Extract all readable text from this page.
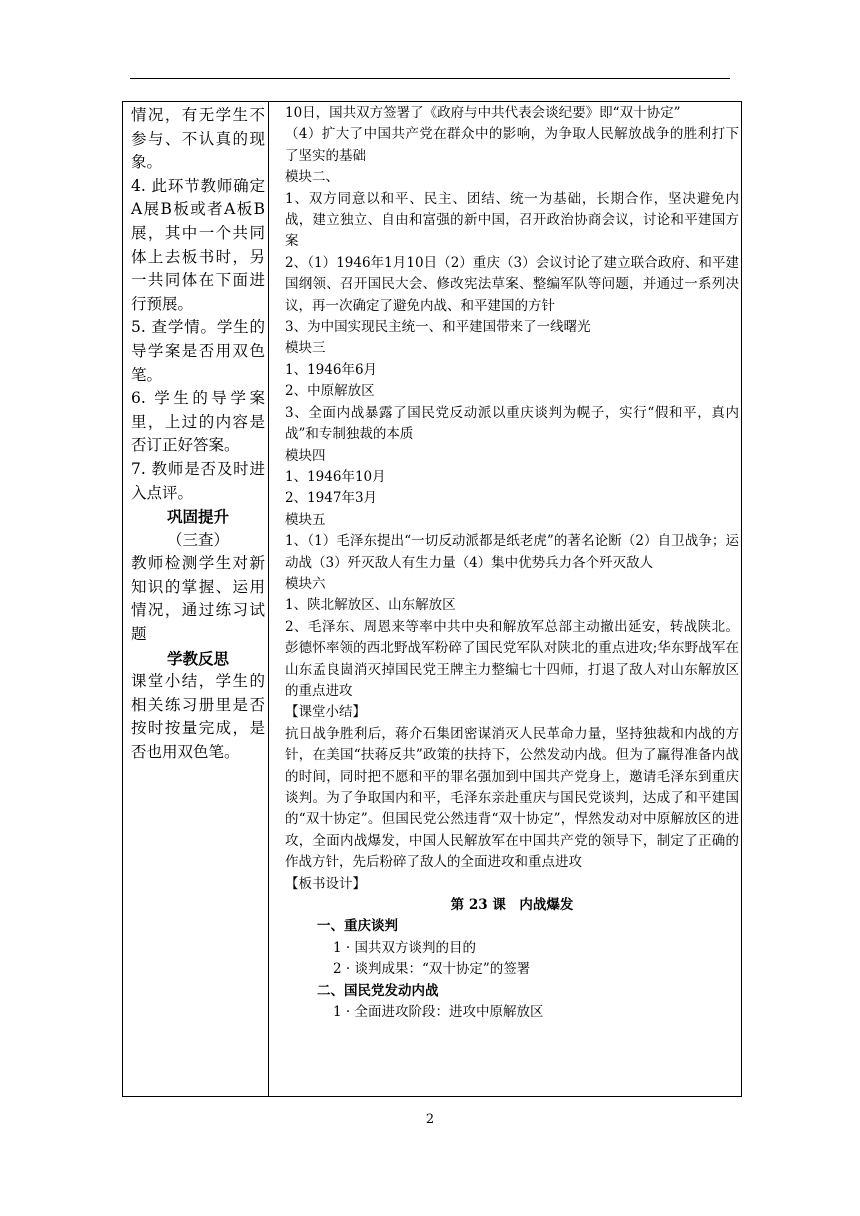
情况，有无学生不参与、不认真的现象。

4. 此环节教师确定A展B板或者A板B展，其中一个共同体上去板书时，另一共同体在下面进行预展。

5. 查学情。学生的导学案是否用双色笔。

6. 学生的导学案里，上过的内容是否订正好答案。

7. 教师是否及时进入点评。

巩固提升

（三查）

教师检测学生对新知识的掌握、运用情况，通过练习试题

学教反思

课堂小结，学生的相关练习册里是否按时按量完成，是否也用双色笔。

10日，国共双方签署了《政府与中共代表会谈纪要》即“双十协定”

（4）扩大了中国共产党在群众中的影响，为争取人民解放战争的胜利打下了坚实的基础

模块二、

1、双方同意以和平、民主、团结、统一为基础，长期合作，坚决避免内战，建立独立、自由和富强的新中国，召开政治协商会议，讨论和平建国方案

2、（1）1946年1月10日（2）重庆（3）会议讨论了建立联合政府、和平建国纲领、召开国民大会、修改宪法草案、整编军队等问题，并通过一系列决议，再一次确定了避免内战、和平建国的方针

3、为中国实现民主统一、和平建国带来了一线曙光

模块三

1、1946年6月

2、中原解放区

3、全面内战暴露了国民党反动派以重庆谈判为幌子，实行“假和平，真内战”和专制独裁的本质

模块四

1、1946年10月

2、1947年3月

模块五

1、（1）毛泽东提出“一切反动派都是纸老虎”的著名论断（2）自卫战争；运动战（3）歼灭敌人有生力量（4）集中优势兵力各个歼灭敌人

模块六

1、陕北解放区、山东解放区

2、毛泽东、周恩来等率中共中央和解放军总部主动撤出延安，转战陕北。彭德怀率领的西北野战军粉碎了国民党军队对陕北的重点进攻;华东野战军在山东孟良崮消灭掉国民党王牌主力整编七十四师，打退了敌人对山东解放区的重点进攻

【课堂小结】

抗日战争胜利后，蒋介石集团密谋消灭人民革命力量，坚持独裁和内战的方针，在美国“扶蒋反共”政策的扶持下，公然发动内战。但为了赢得准备内战的时间，同时把不愿和平的罪名强加到中国共产党身上，邀请毛泽东到重庆谈判。为了争取国内和平，毛泽东亲赴重庆与国民党谈判，达成了和平建国的“双十协定”。但国民党公然违背“双十协定”，悍然发动对中原解放区的进攻，全面内战爆发，中国人民解放军在中国共产党的领导下，制定了正确的作战方针，先后粉碎了敌人的全面进攻和重点进攻

【板书设计】

第 23 课　内战爆发

一、重庆谈判

1 · 国共双方谈判的目的

2 · 谈判成果：“双十协定”的签署

二、国民党发动内战

1 · 全面进攻阶段：进攻中原解放区

2
